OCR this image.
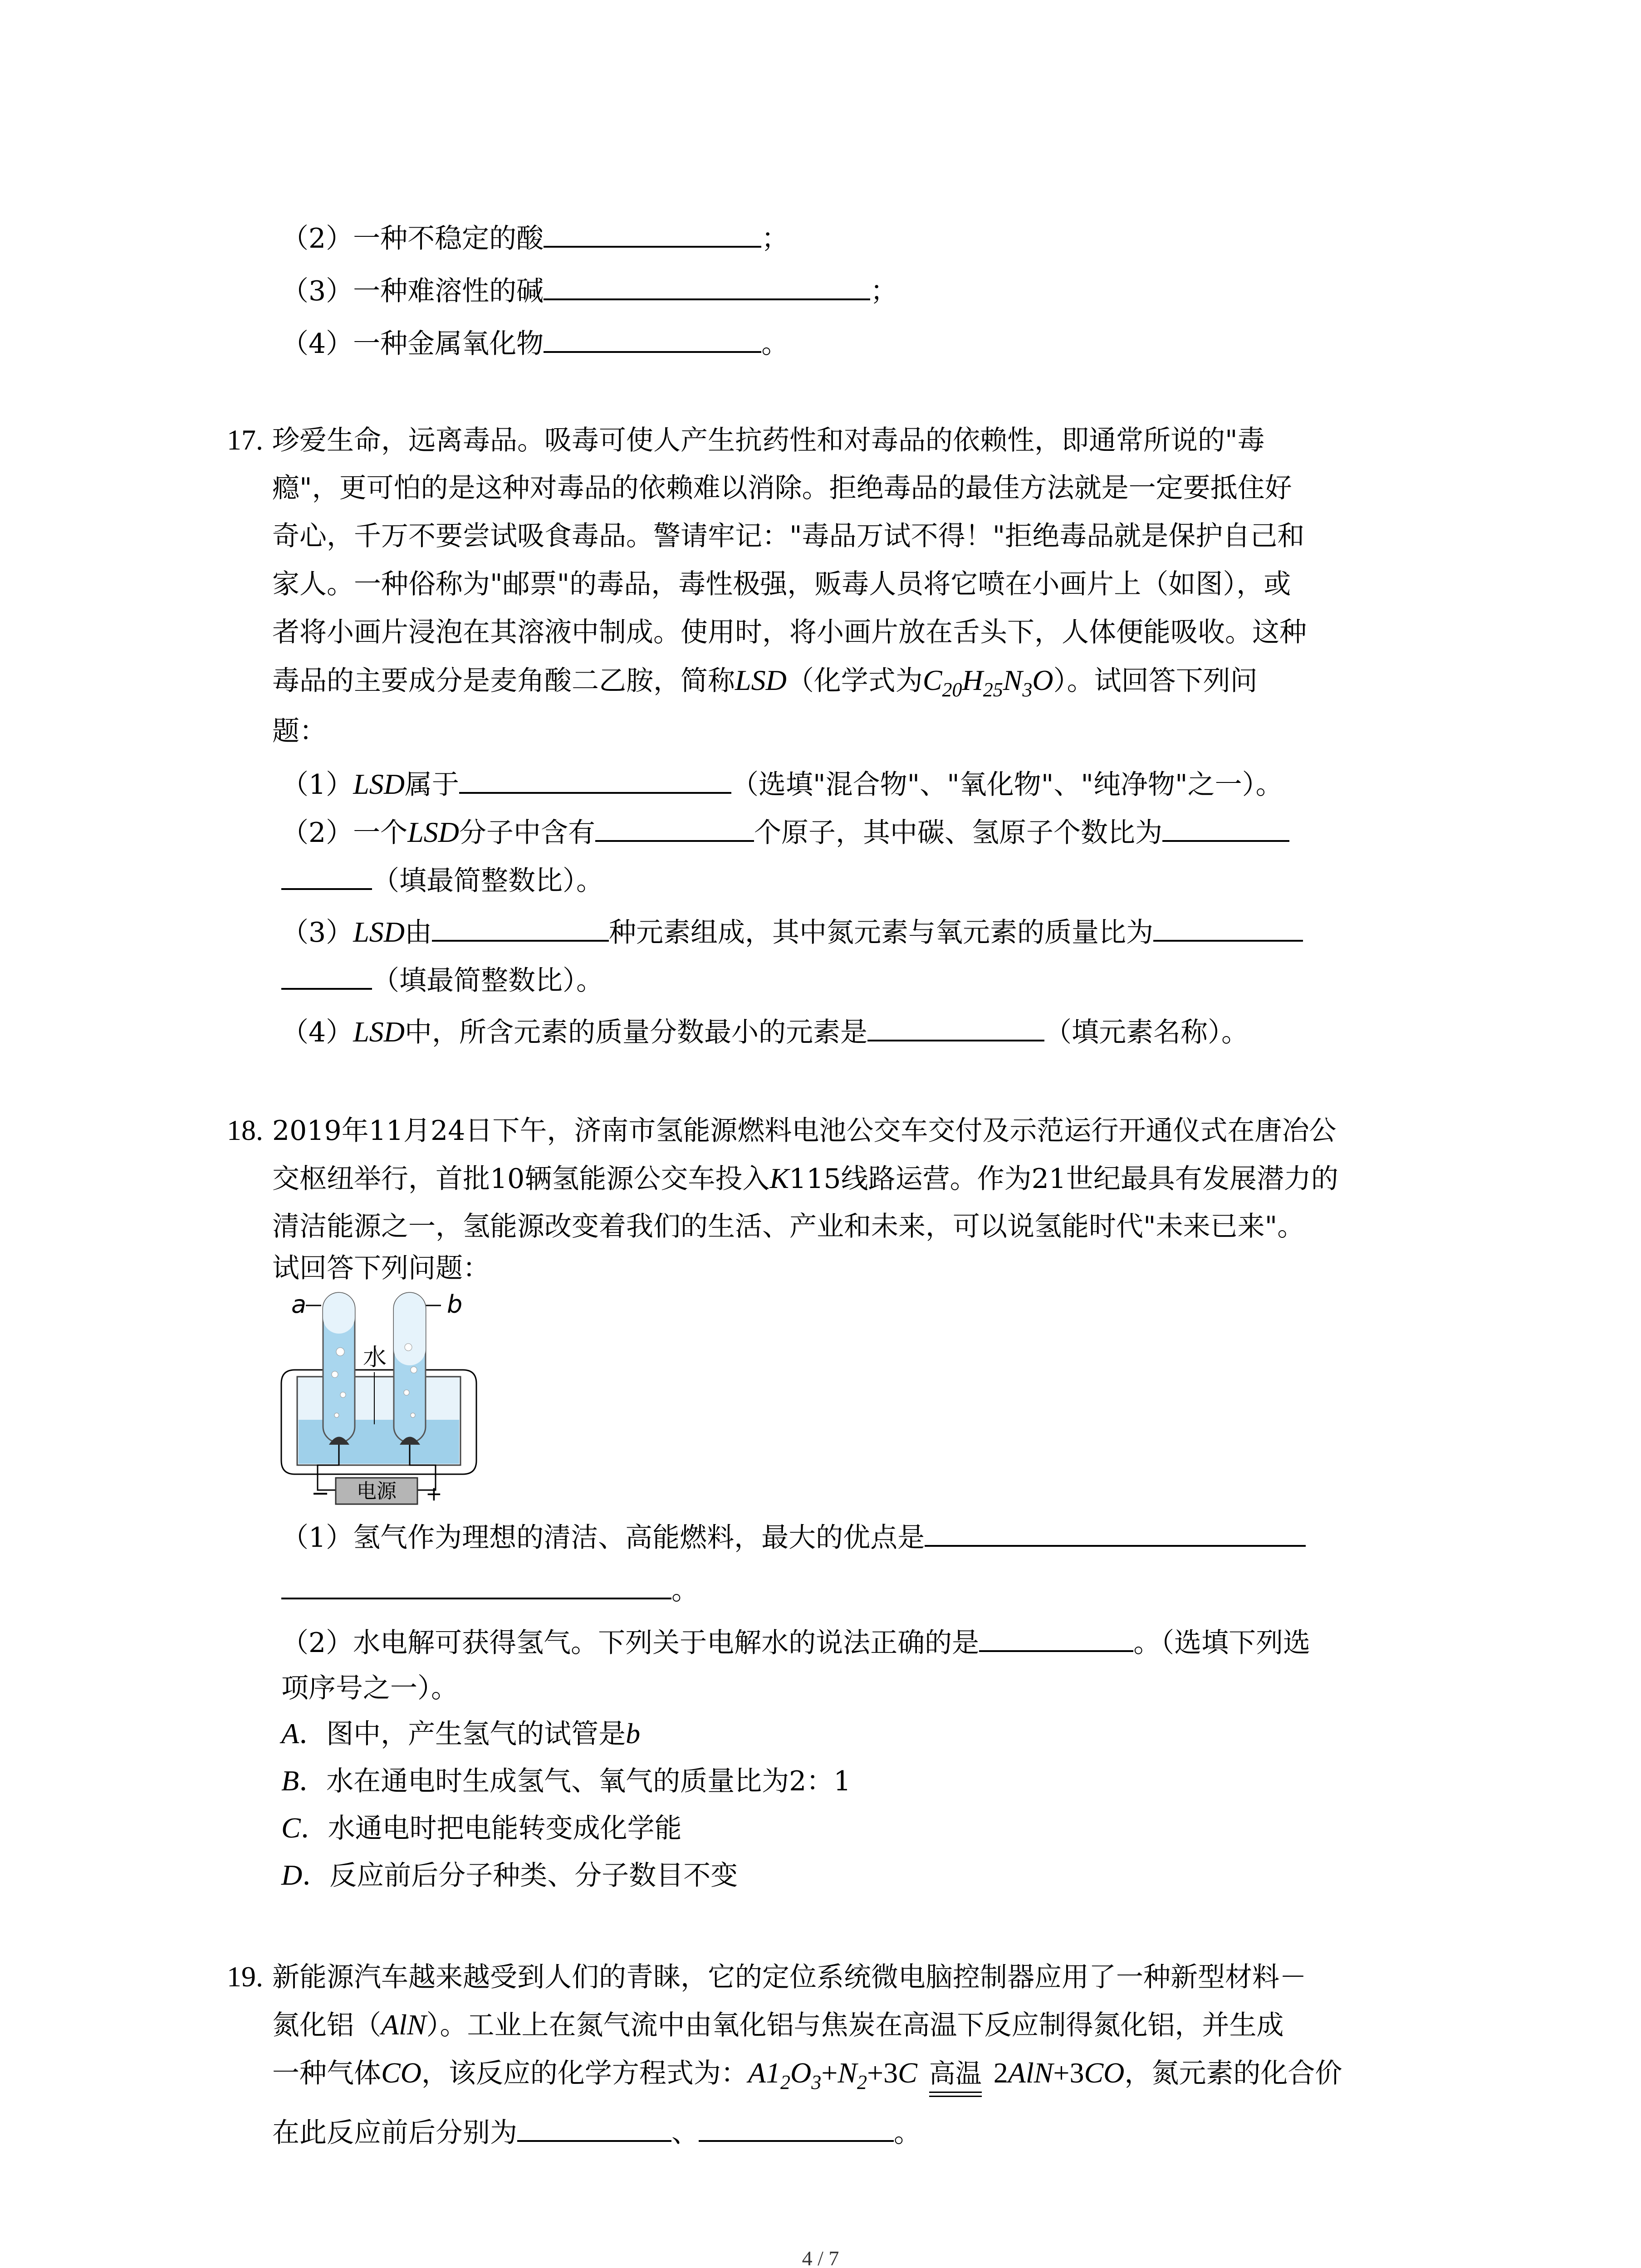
（2）一种不稳定的酸	；
（3）一种难溶性的碱	；
（4）一种金属氧化物	。
17. 珍爱生命，远离毒品。吸毒可使人产生抗药性和对毒品的依赖性，即通常所说的"毒
瘾"，更可怕的是这种对毒品的依赖难以消除。拒绝毒品的最佳方法就是一定要抵住好
奇心，千万不要尝试吸食毒品。警请牢记："毒品万试不得！"拒绝毒品就是保护自己和
家人。一种俗称为"邮票"的毒品，毒性极强，贩毒人员将它喷在小画片上（如图），或
者将小画片浸泡在其溶液中制成。使用时，将小画片放在舌头下，人体便能吸收。这种
毒品的主要成分是麦角酸二乙胺，简称LSD（化学式为$C_{20}H_{25}N_3O$）。试回答下列问
题：
（1）LSD属于	（选填"混合物"、"氧化物"、"纯净物"之一）。
（2）一个LSD分子中含有	个原子，其中碳、氢原子个数比为
（填最简整数比）。
（3）LSD由	种元素组成，其中氮元素与氧元素的质量比为
（填最简整数比）。
（4）LSD中，所含元素的质量分数最小的元素是	（填元素名称）。
18. 2019年11月24日下午，济南市氢能源燃料电池公交车交付及示范运行开通仪式在唐冶公
交枢纽举行，首批10辆氢能源公交车投入K115线路运营。作为21世纪最具有发展潜力的
清洁能源之一，氢能源改变着我们的生活、产业和未来，可以说氢能时代"未来已来"。
试回答下列问题：
a	b
水
电源
−	+
（1）氢气作为理想的清洁、高能燃料，最大的优点是
。
（2）水电解可获得氢气。下列关于电解水的说法正确的是	。（选填下列选
项序号之一）。
A．图中，产生氢气的试管是b
B．水在通电时生成氢气、氧气的质量比为2：1
C．水通电时把电能转变成化学能
D．反应前后分子种类、分子数目不变
19. 新能源汽车越来越受到人们的青睐，它的定位系统微电脑控制器应用了一种新型材料－
氮化铝（AlN）。工业上在氮气流中由氧化铝与焦炭在高温下反应制得氮化铝，并生成
一种气体CO，该反应的化学方程式为：$A1_2O_3+N_2+3C$ 高温 2AlN+3CO，氮元素的化合价
在此反应前后分别为	、	。
4 / 7
